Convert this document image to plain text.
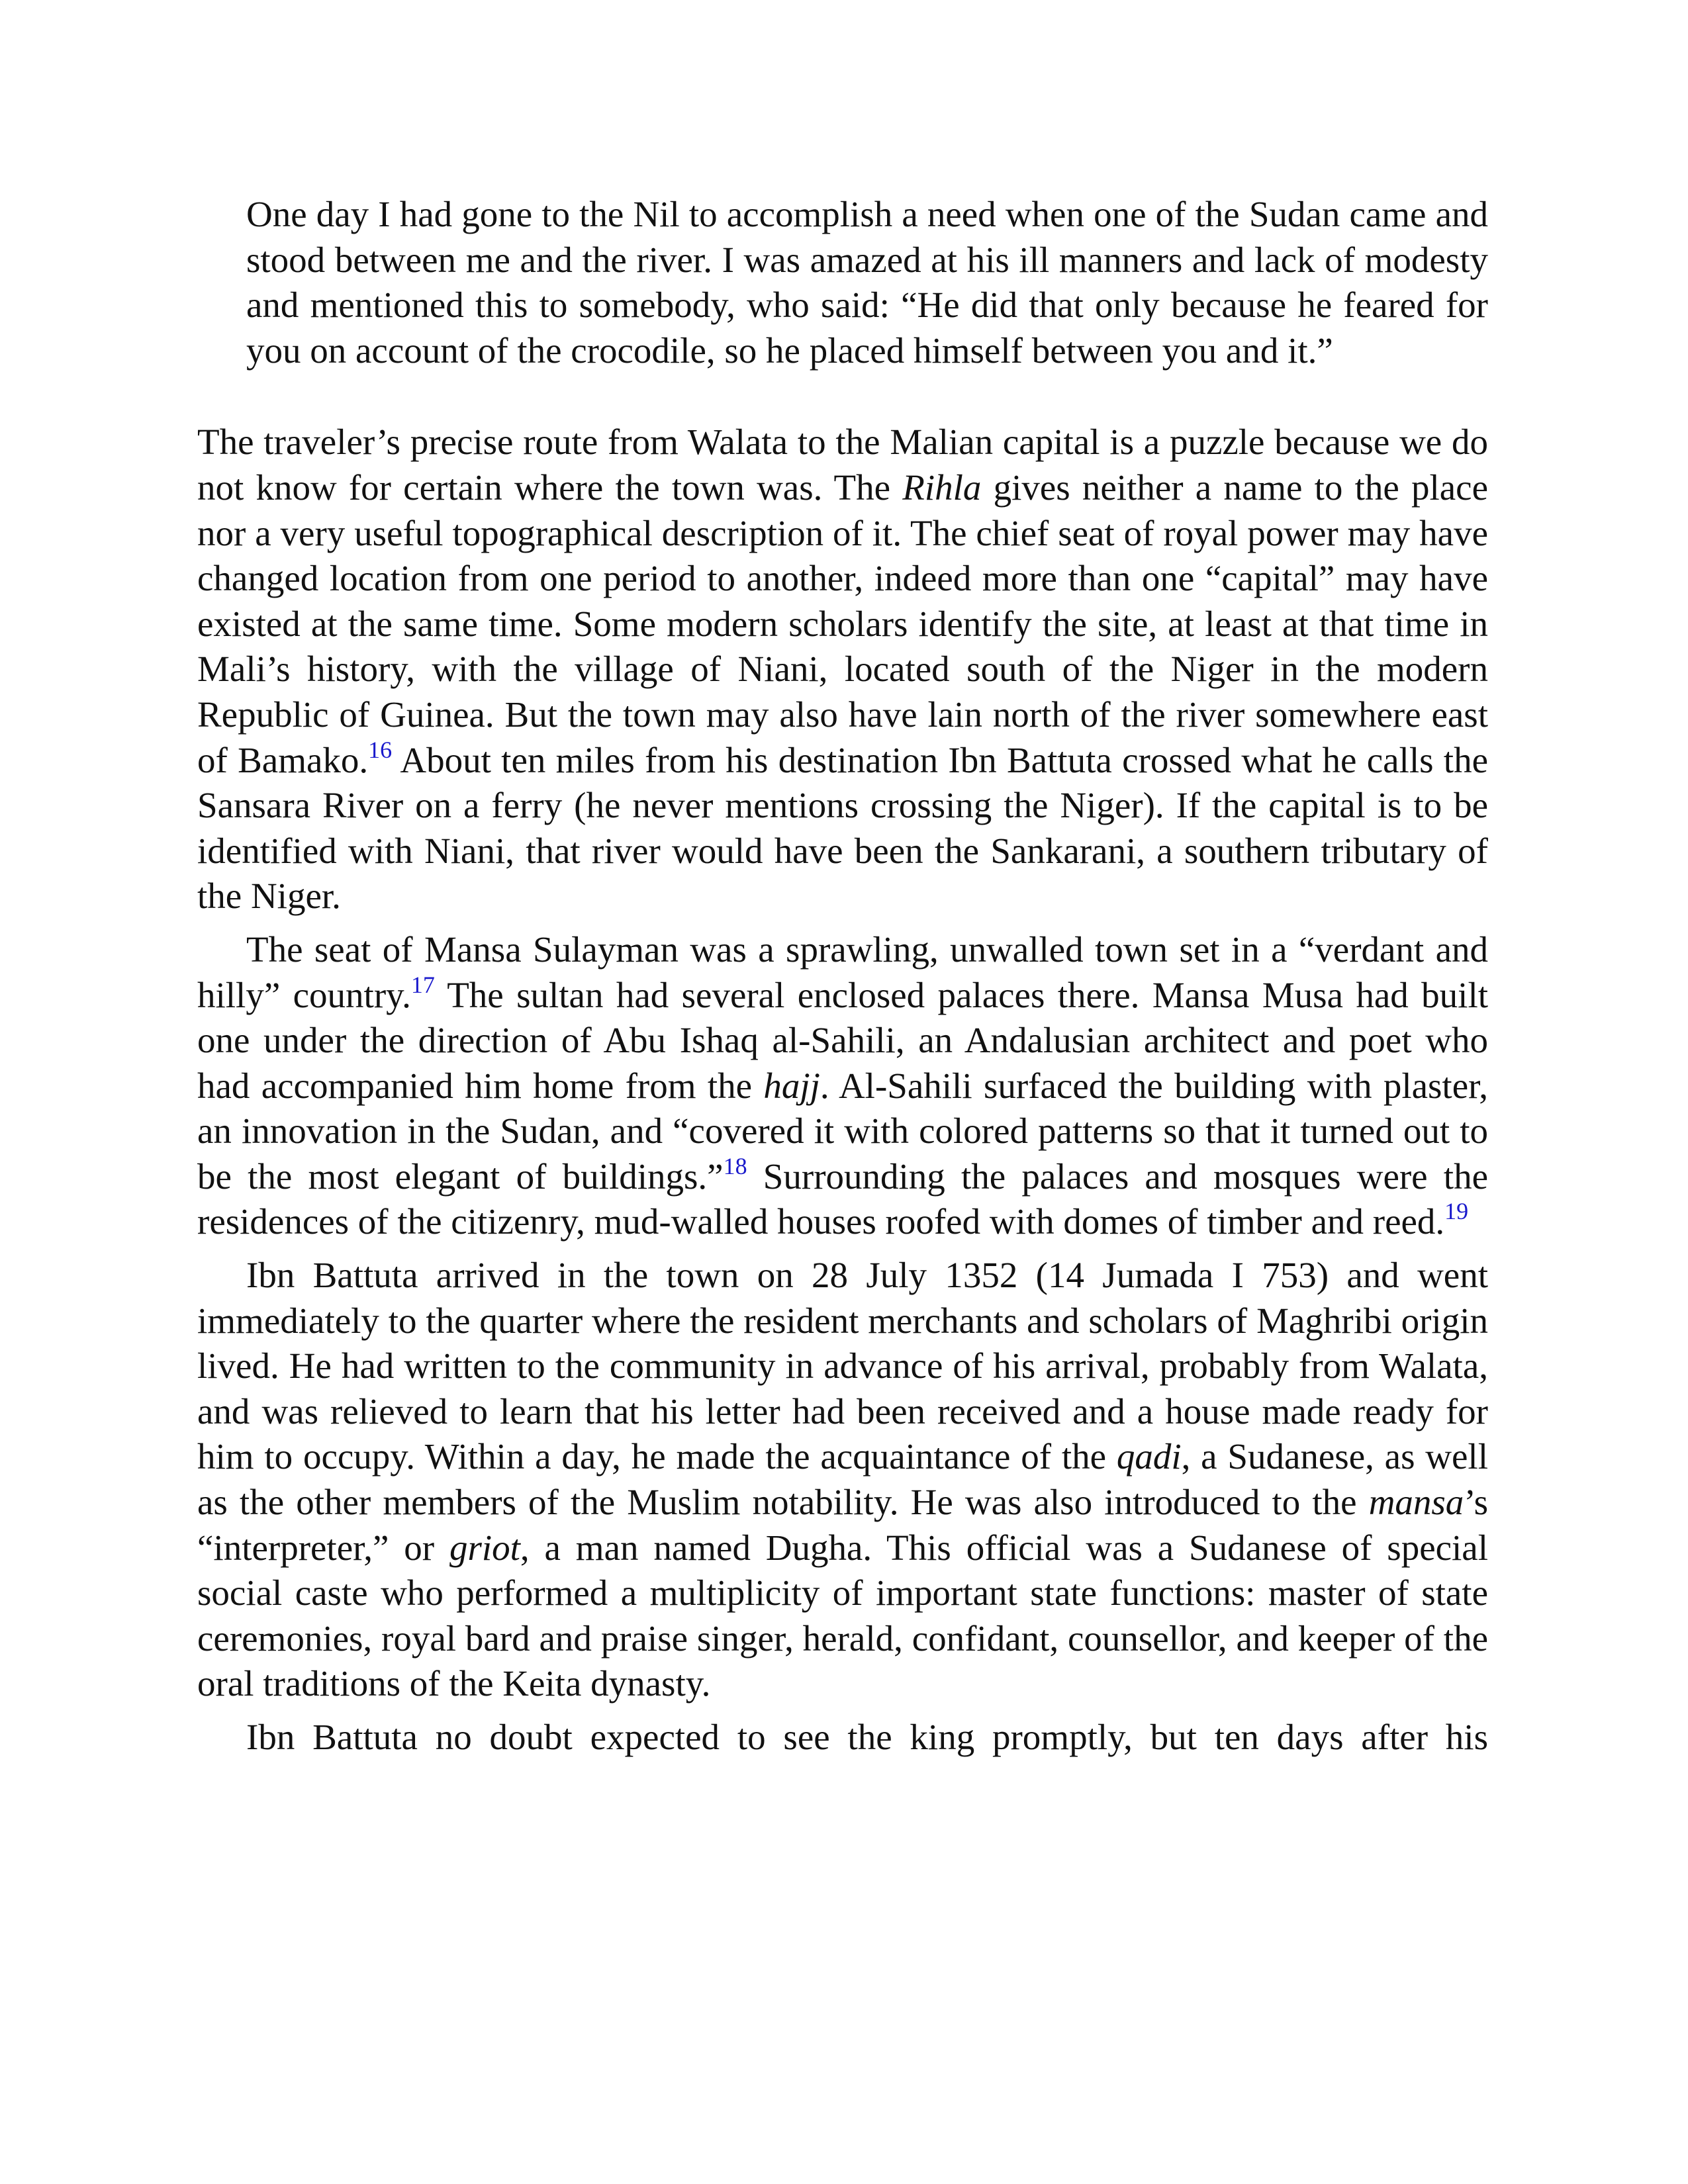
One day I had gone to the Nil to accomplish a need when one of the Sudan came and stood between me and the river. I was amazed at his ill manners and lack of modesty and mentioned this to somebody, who said: “He did that only because he feared for you on account of the crocodile, so he placed himself between you and it.”

The traveler’s precise route from Walata to the Malian capital is a puzzle because we do not know for certain where the town was. The Rihla gives neither a name to the place nor a very useful topographical description of it. The chief seat of royal power may have changed location from one period to another, indeed more than one “capital” may have existed at the same time. Some modern scholars identify the site, at least at that time in Mali’s history, with the village of Niani, located south of the Niger in the modern Republic of Guinea. But the town may also have lain north of the river somewhere east of Bamako.$^{16}$ About ten miles from his destination Ibn Battuta crossed what he calls the Sansara River on a ferry (he never mentions crossing the Niger). If the capital is to be identified with Niani, that river would have been the Sankarani, a southern tributary of the Niger.

The seat of Mansa Sulayman was a sprawling, unwalled town set in a “verdant and hilly” country.$^{17}$ The sultan had several enclosed palaces there. Mansa Musa had built one under the direction of Abu Ishaq al-Sahili, an Andalusian architect and poet who had accompanied him home from the hajj. Al-Sahili surfaced the building with plaster, an innovation in the Sudan, and “covered it with colored patterns so that it turned out to be the most elegant of buildings.”$^{18}$ Surrounding the palaces and mosques were the residences of the citizenry, mud-walled houses roofed with domes of timber and reed.$^{19}$

Ibn Battuta arrived in the town on 28 July 1352 (14 Jumada I 753) and went immediately to the quarter where the resident merchants and scholars of Maghribi origin lived. He had written to the community in advance of his arrival, probably from Walata, and was relieved to learn that his letter had been received and a house made ready for him to occupy. Within a day, he made the acquaintance of the qadi, a Sudanese, as well as the other members of the Muslim notability. He was also introduced to the mansa’s “interpreter,” or griot, a man named Dugha. This official was a Sudanese of special social caste who performed a multiplicity of important state functions: master of state ceremonies, royal bard and praise singer, herald, confidant, counsellor, and keeper of the oral traditions of the Keita dynasty.

Ibn Battuta no doubt expected to see the king promptly, but ten days after his
